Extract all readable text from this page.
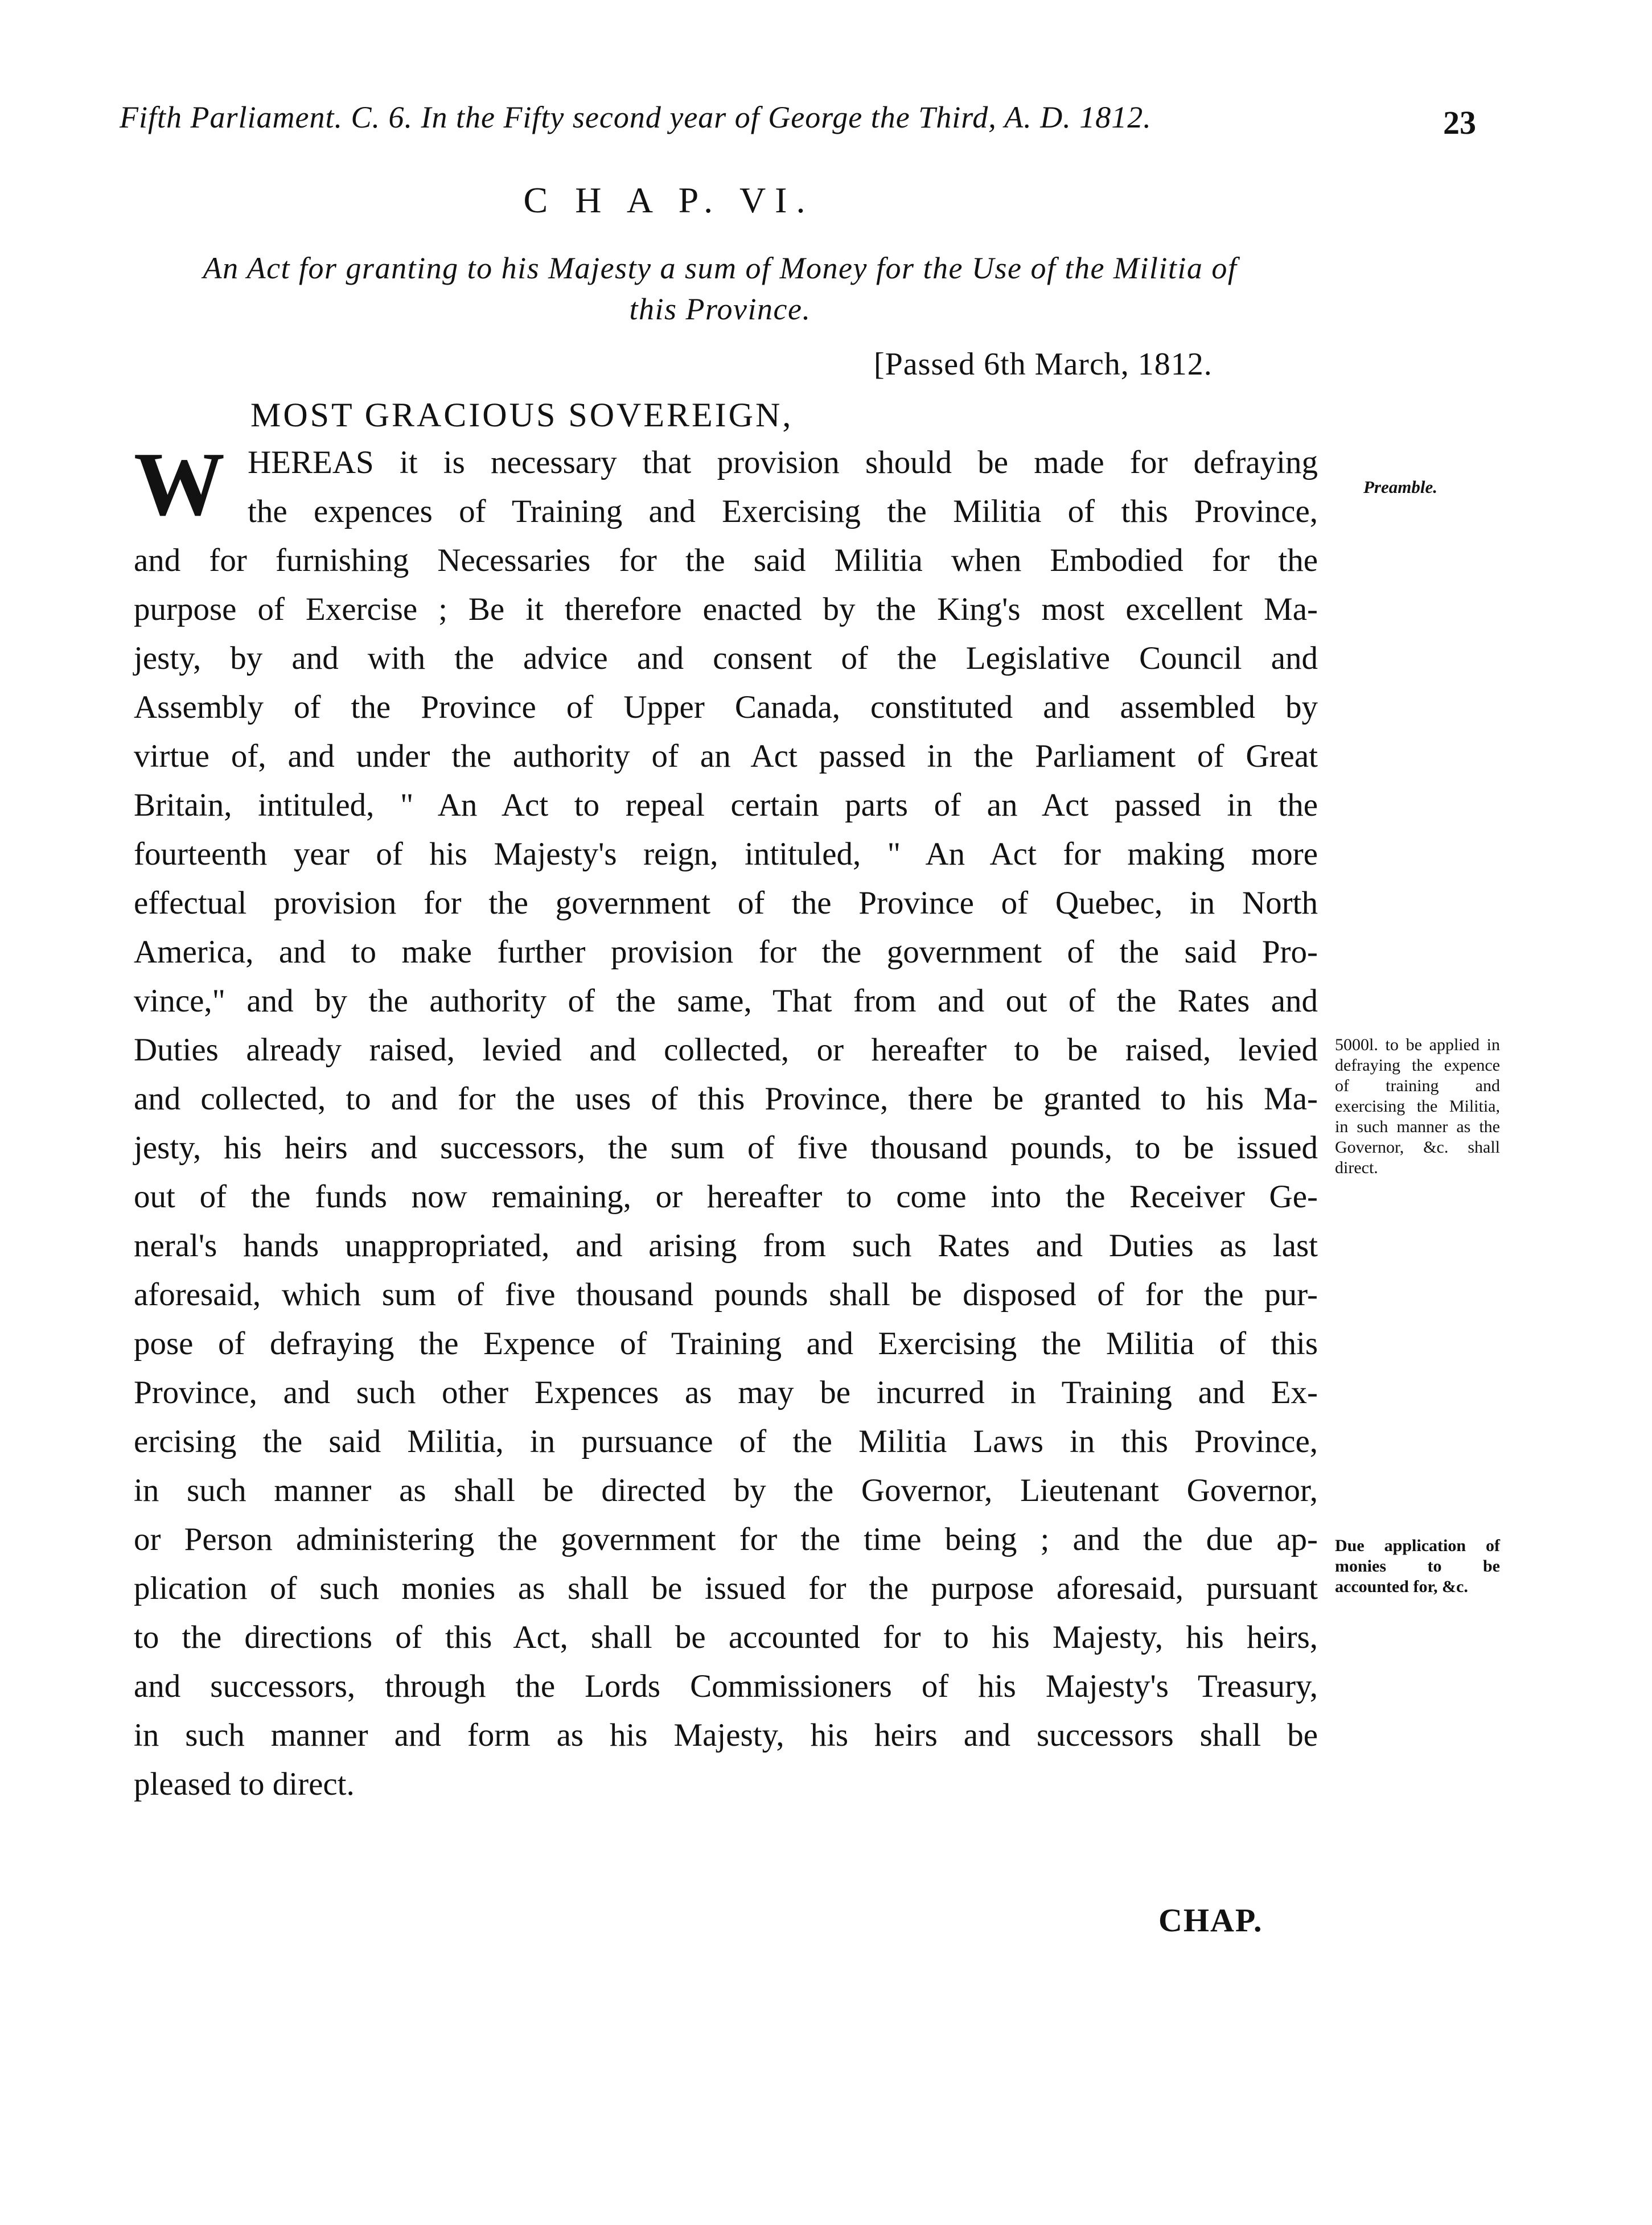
Fifth Parliament. C. 6. In the Fifty second year of George the Third, A. D. 1812.	23
C H A P. VI.
An Act for granting to his Majesty a sum of Money for the Use of the Militia of
this Province.
[Passed 6th March, 1812.
MOST GRACIOUS SOVEREIGN,
W HEREAS it is necessary that provision should be made for defraying
the expences of Training and Exercising the Militia of this Province,
and for furnishing Necessaries for the said Militia when Embodied for the
purpose of Exercise ; Be it therefore enacted by the King's most excellent Ma-
jesty, by and with the advice and consent of the Legislative Council and
Assembly of the Province of Upper Canada, constituted and assembled by
virtue of, and under the authority of an Act passed in the Parliament of Great
Britain, intituled, " An Act to repeal certain parts of an Act passed in the
fourteenth year of his Majesty's reign, intituled, " An Act for making more
effectual provision for the government of the Province of Quebec, in North
America, and to make further provision for the government of the said Pro-
vince," and by the authority of the same, That from and out of the Rates and
Duties already raised, levied and collected, or hereafter to be raised, levied
and collected, to and for the uses of this Province, there be granted to his Ma-
jesty, his heirs and successors, the sum of five thousand pounds, to be issued
out of the funds now remaining, or hereafter to come into the Receiver Ge-
neral's hands unappropriated, and arising from such Rates and Duties as last
aforesaid, which sum of five thousand pounds shall be disposed of for the pur-
pose of defraying the Expence of Training and Exercising the Militia of this
Province, and such other Expences as may be incurred in Training and Ex-
ercising the said Militia, in pursuance of the Militia Laws in this Province,
in such manner as shall be directed by the Governor, Lieutenant Governor,
or Person administering the government for the time being ; and the due ap-
plication of such monies as shall be issued for the purpose aforesaid, pursuant
to the directions of this Act, shall be accounted for to his Majesty, his heirs,
and successors, through the Lords Commissioners of his Majesty's Treasury,
in such manner and form as his Majesty, his heirs and successors shall be
pleased to direct.
Preamble.
5000l. to be applied in defraying the expence of training and exercising the Militia, in such manner as the Governor, &c. shall direct.
Due application of monies to be accounted for, &c.
CHAP.
